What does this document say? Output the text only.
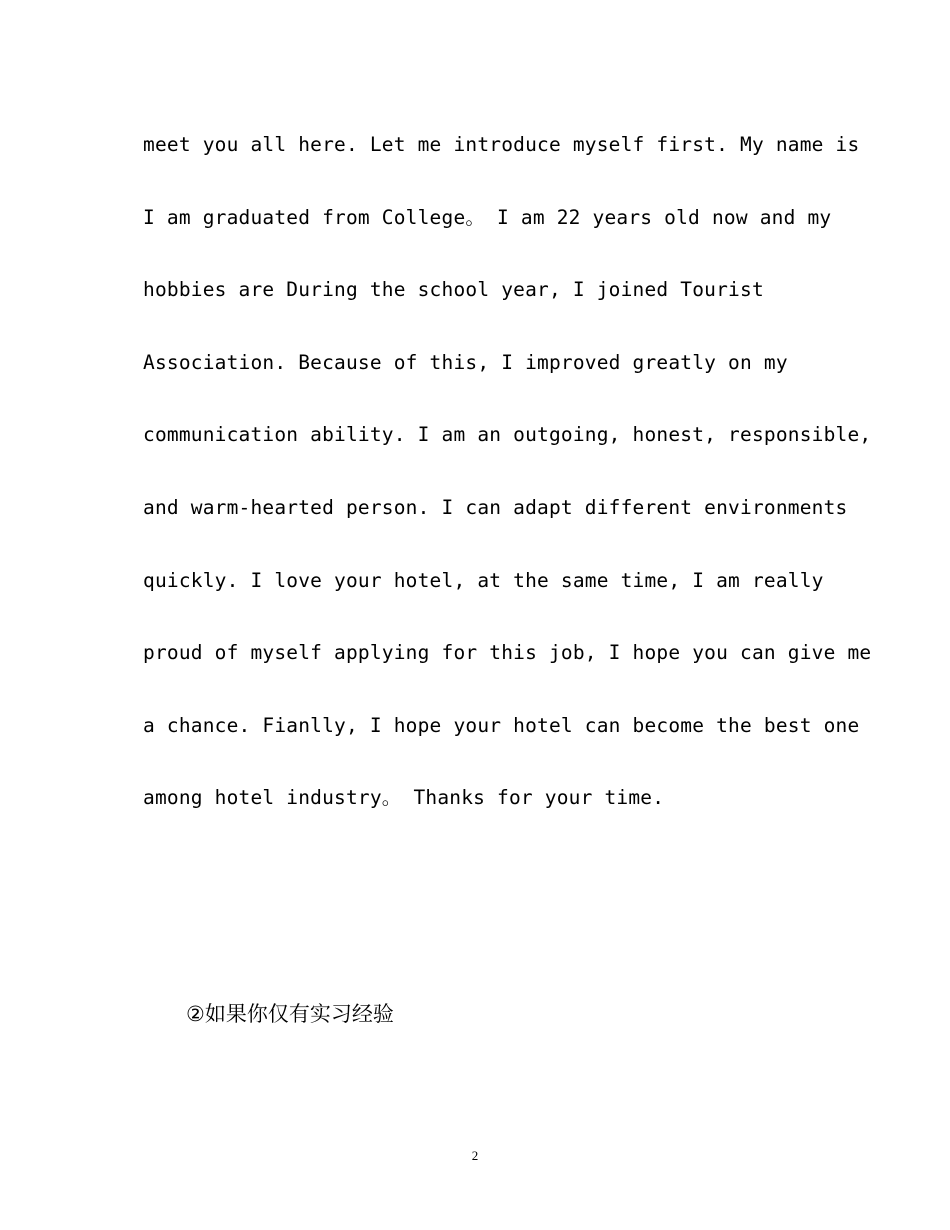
meet you all here. Let me introduce myself first. My name is
I am graduated from College。 I am 22 years old now and my
hobbies are During the school year, I joined Tourist
Association. Because of this, I improved greatly on my
communication ability. I am an outgoing, honest, responsible,
and warm-hearted person. I can adapt different environments
quickly. I love your hotel, at the same time, I am really
proud of myself applying for this job, I hope you can give me
a chance. Fianlly, I hope your hotel can become the best one
among hotel industry。 Thanks for your time.

②如果你仅有实习经验

2
